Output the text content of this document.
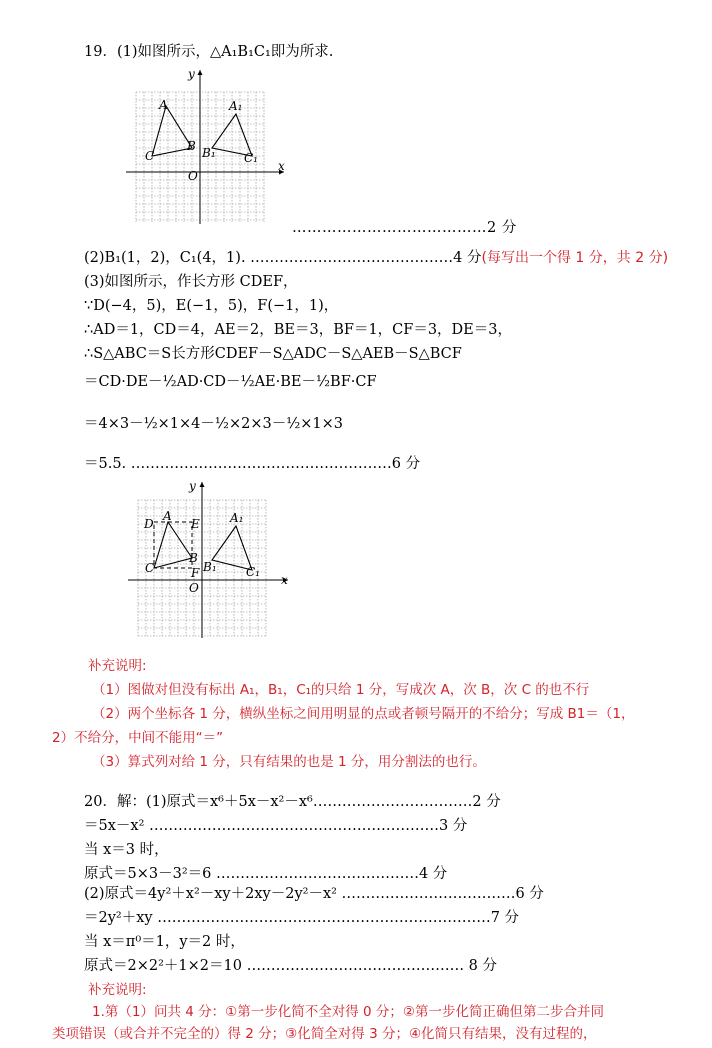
19．(1)如图所示，△A₁B₁C₁即为所求.
y
x
O
A
B
C
A₁
B₁ C₁
…………………………………2 分
(2)B₁(1，2)，C₁(4，1). ……………………………………4 分(每写出一个得 1 分，共 2 分)
(3)如图所示，作长方形 CDEF，
∵D(−4，5)，E(−1，5)，F(−1，1)，
∴AD＝1，CD＝4，AE＝2，BE＝3，BF＝1，CF＝3，DE＝3，
∴S△ABC＝S长方形CDEF－S△ADC－S△AEB－S△BCF
＝CD·DE－½AD·CD－½AE·BE－½BF·CF
＝4×3－½×1×4－½×2×3－½×1×3
＝5.5. ………………………………………………6 分
y
x
O
D
A
E
B
C	F
A₁
B₁ C₁
补充说明:
（1）图做对但没有标出 A₁，B₁，C₁的只给 1 分，写成次 A，次 B，次 C 的也不行
（2）两个坐标各 1 分，横纵坐标之间用明显的点或者顿号隔开的不给分；写成 B1＝（1，
2）不给分，中间不能用“＝”
（3）算式列对给 1 分，只有结果的也是 1 分，用分割法的也行。
20．解：(1)原式＝x⁶＋5x－x²－x⁶……………………………2 分
＝5x－x² ……………………………………………………3 分
当 x＝3 时，
原式＝5×3－3²＝6 ……………………………………4 分
(2)原式＝4y²＋x²－xy＋2xy－2y²－x² ………………………………6 分
＝2y²＋xy ……………………………………………………………7 分
当 x＝π⁰＝1，y＝2 时，
原式＝2×2²＋1×2＝10 ……………………………………… 8 分
补充说明:
1.第（1）问共 4 分：①第一步化简不全对得 0 分；②第一步化简正确但第二步合并同
类项错误（或合并不完全的）得 2 分；③化简全对得 3 分；④化简只有结果，没有过程的，
